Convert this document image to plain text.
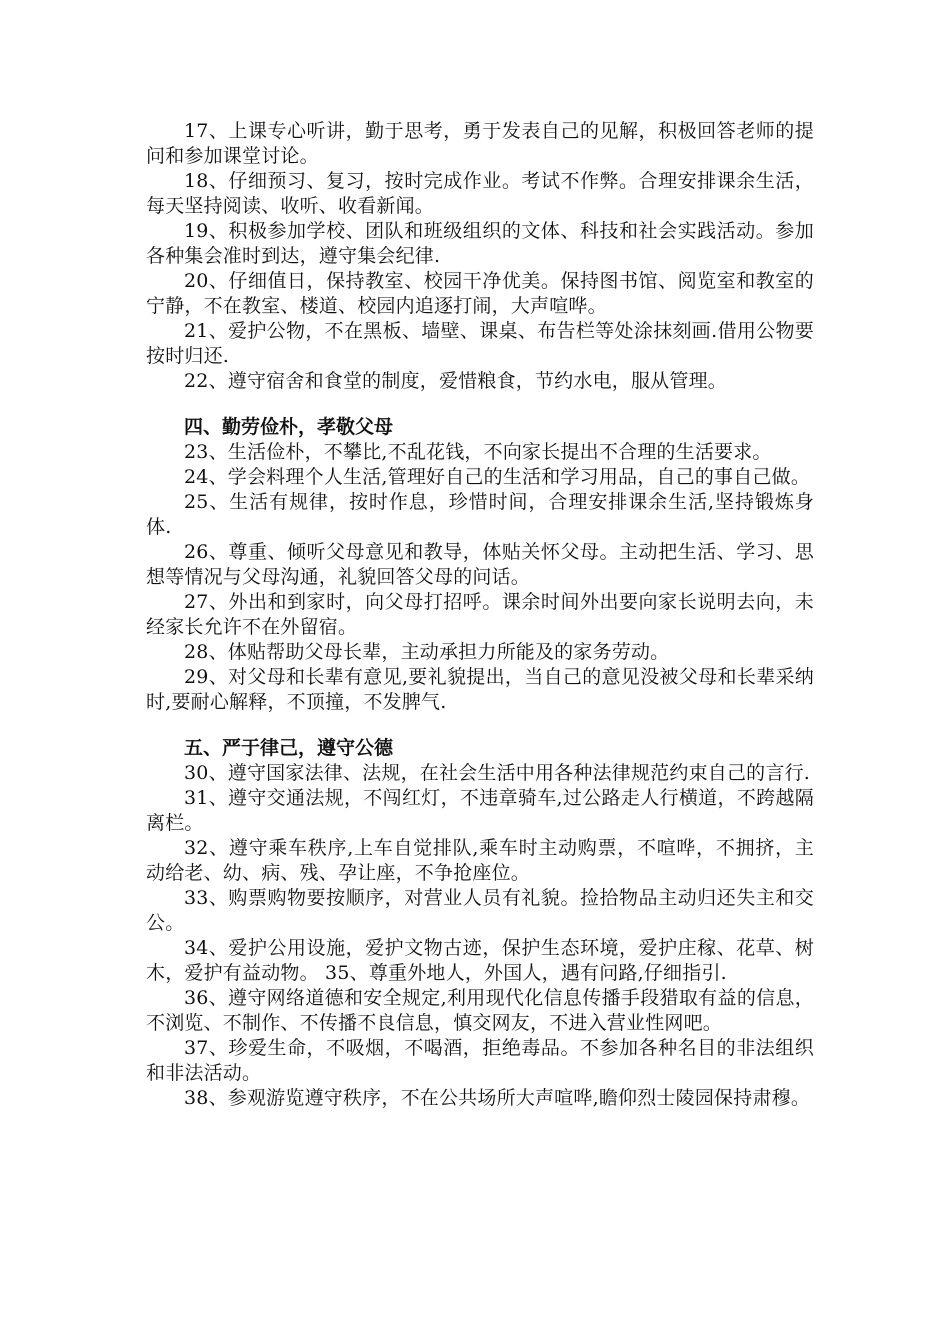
17、上课专心听讲，勤于思考，勇于发表自己的见解，积极回答老师的提问和参加课堂讨论。

18、仔细预习、复习，按时完成作业。考试不作弊。合理安排课余生活，每天坚持阅读、收听、收看新闻。

19、积极参加学校、团队和班级组织的文体、科技和社会实践活动。参加各种集会准时到达，遵守集会纪律.

20、仔细值日，保持教室、校园干净优美。保持图书馆、阅览室和教室的宁静，不在教室、楼道、校园内追逐打闹，大声喧哗。

21、爱护公物，不在黑板、墙壁、课桌、布告栏等处涂抹刻画.借用公物要按时归还.

22、遵守宿舍和食堂的制度，爱惜粮食，节约水电，服从管理。

四、勤劳俭朴，孝敬父母

23、生活俭朴，不攀比,不乱花钱，不向家长提出不合理的生活要求。

24、学会料理个人生活,管理好自己的生活和学习用品，自己的事自己做。

25、生活有规律，按时作息，珍惜时间，合理安排课余生活,坚持锻炼身体.

26、尊重、倾听父母意见和教导，体贴关怀父母。主动把生活、学习、思想等情况与父母沟通，礼貌回答父母的问话。

27、外出和到家时，向父母打招呼。课余时间外出要向家长说明去向，未经家长允许不在外留宿。

28、体贴帮助父母长辈，主动承担力所能及的家务劳动。

29、对父母和长辈有意见,要礼貌提出，当自己的意见没被父母和长辈采纳时,要耐心解释，不顶撞，不发脾气.

五、严于律己，遵守公德

30、遵守国家法律、法规，在社会生活中用各种法律规范约束自己的言行.

31、遵守交通法规，不闯红灯，不违章骑车,过公路走人行横道，不跨越隔离栏。

32、遵守乘车秩序,上车自觉排队,乘车时主动购票，不喧哗，不拥挤，主动给老、幼、病、残、孕让座，不争抢座位。

33、购票购物要按顺序，对营业人员有礼貌。捡拾物品主动归还失主和交公。

34、爱护公用设施，爱护文物古迹，保护生态环境，爱护庄稼、花草、树木，爱护有益动物。 35、尊重外地人，外国人，遇有问路,仔细指引.

36、遵守网络道德和安全规定,利用现代化信息传播手段猎取有益的信息，不浏览、不制作、不传播不良信息，慎交网友，不进入营业性网吧。

37、珍爱生命，不吸烟，不喝酒，拒绝毒品。不参加各种名目的非法组织和非法活动。

38、参观游览遵守秩序，不在公共场所大声喧哗,瞻仰烈士陵园保持肃穆。
